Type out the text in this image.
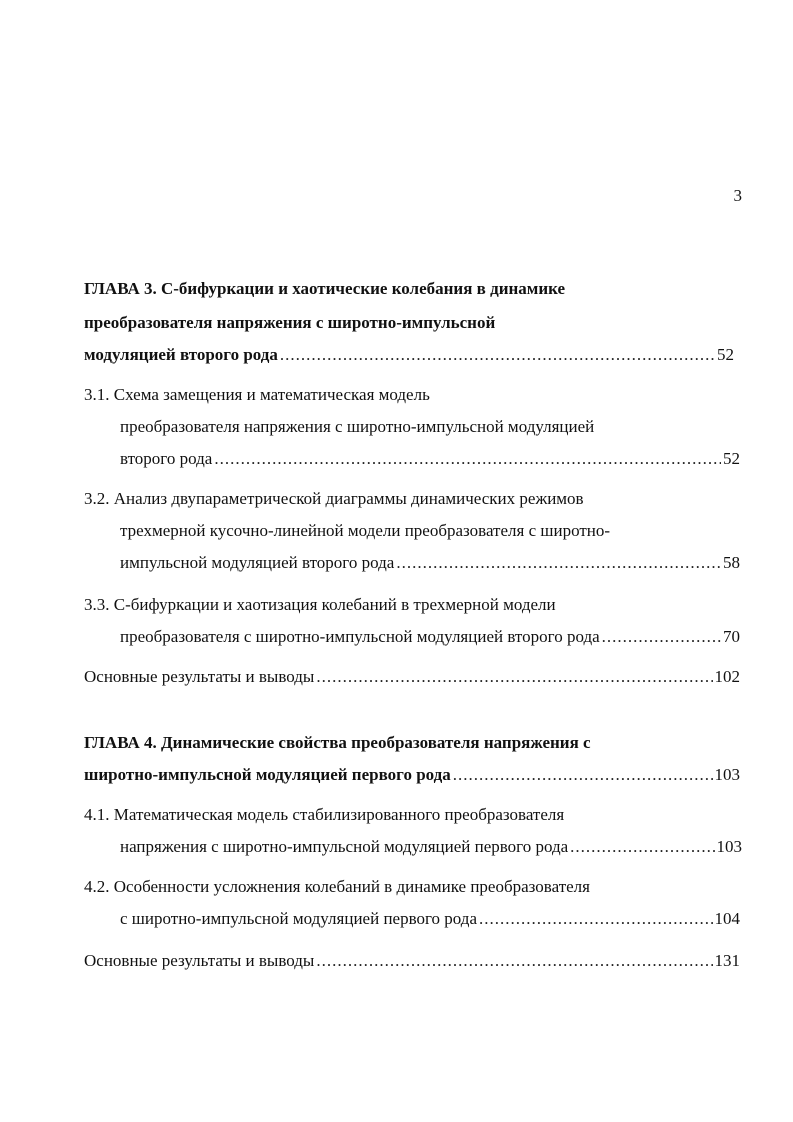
3
ГЛАВА 3. С-бифуркации и хаотические колебания в динамике
преобразователя напряжения с широтно-импульсной
модуляцией второго рода .....	52
3.1. Схема замещения и математическая модель
преобразователя напряжения с широтно-импульсной модуляцией
второго рода .....	52
3.2. Анализ двупараметрической диаграммы динамических режимов
трехмерной кусочно-линейной модели преобразователя с широтно-
импульсной модуляцией второго рода .....	58
3.3. С-бифуркации и хаотизация колебаний в трехмерной модели
преобразователя с широтно-импульсной модуляцией второго рода .....	70
Основные результаты и выводы .....	102
ГЛАВА 4. Динамические свойства преобразователя напряжения с
широтно-импульсной модуляцией первого рода .....	103
4.1. Математическая модель стабилизированного преобразователя
напряжения с широтно-импульсной модуляцией первого рода .....	103
4.2. Особенности усложнения колебаний в динамике преобразователя
с широтно-импульсной модуляцией первого рода .....	104
Основные результаты и выводы .....	131
